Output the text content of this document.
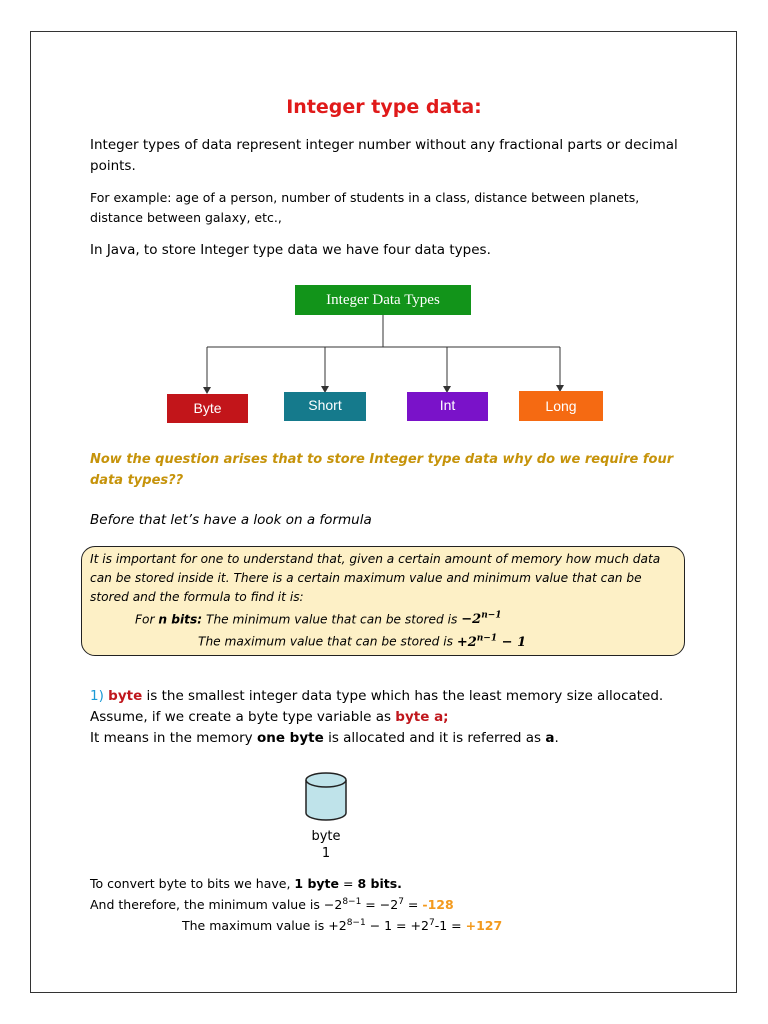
Integer type data:
Integer types of data represent integer number without any fractional parts or decimal points.
For example: age of a person, number of students in a class, distance between planets, distance between galaxy, etc.,
In Java, to store Integer type data we have four data types.
Integer Data Types
Byte	Short	Int	Long
Now the question arises that to store Integer type data why do we require four data types??
Before that let’s have a look on a formula
It is important for one to understand that, given a certain amount of memory how much data can be stored inside it. There is a certain maximum value and minimum value that can be stored and the formula to find it is:
For n bits: The minimum value that can be stored is $-2^{n-1}$
The maximum value that can be stored is $+2^{n-1} - 1$
1) byte is the smallest integer data type which has the least memory size allocated.
Assume, if we create a byte type variable as byte a;
It means in the memory one byte is allocated and it is referred as a.
byte
1
To convert byte to bits we have, 1 byte = 8 bits.
And therefore, the minimum value is $-2^{8-1} = -2^7 = -128$
The maximum value is $+2^{8-1} - 1 = +2^7-1 = +127$
